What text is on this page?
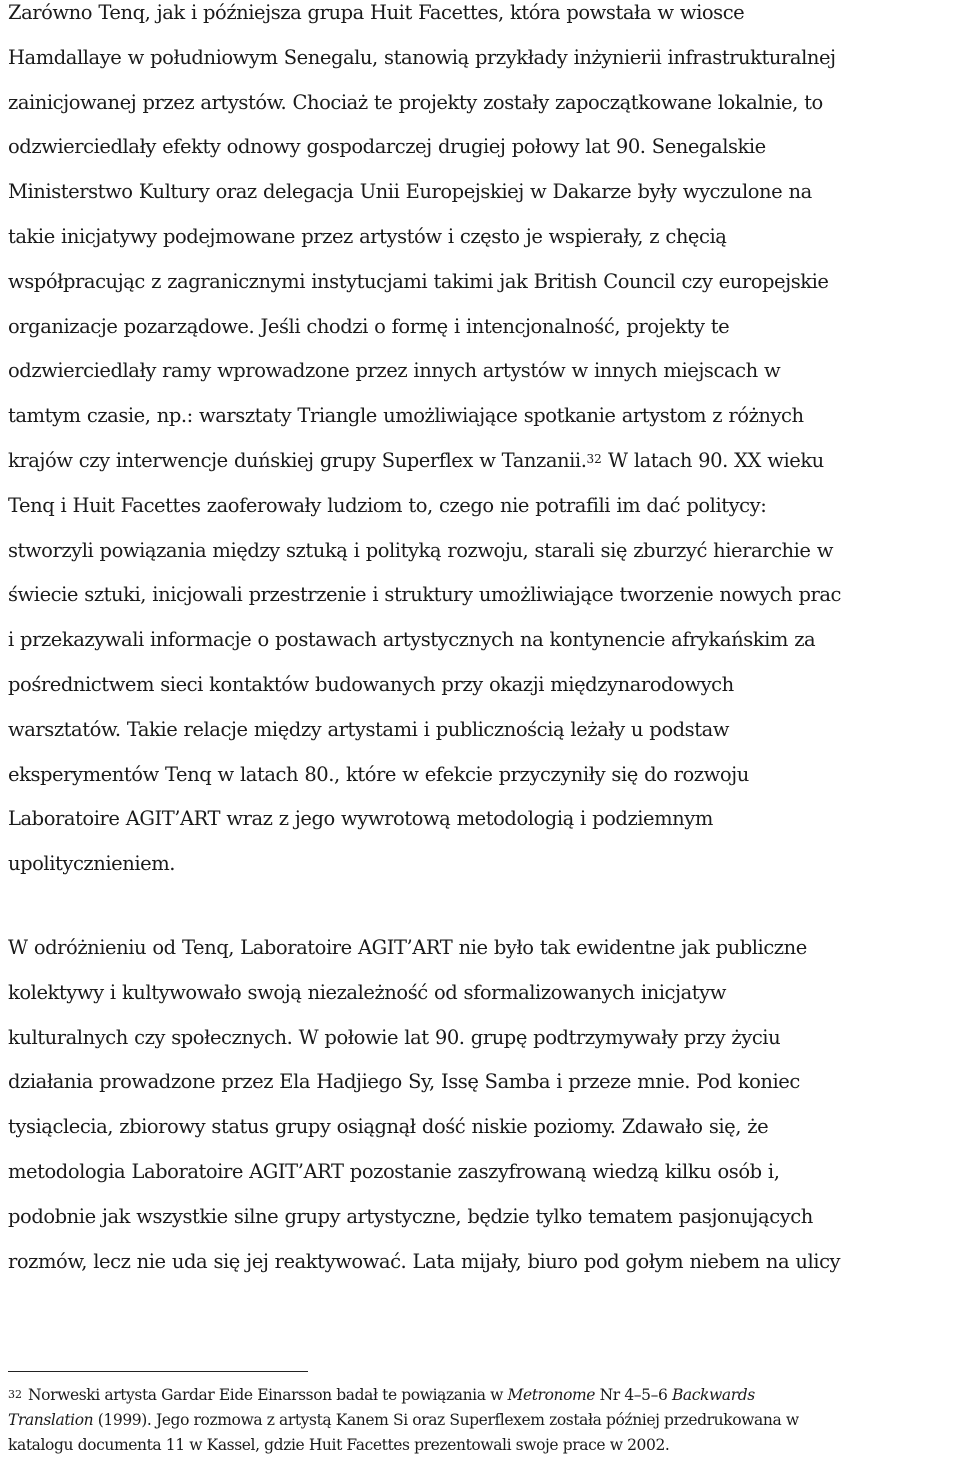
Zarówno Tenq, jak i późniejsza grupa Huit Facettes, która powstała w wiosce
Hamdallaye w południowym Senegalu, stanowią przykłady inżynierii infrastrukturalnej
zainicjowanej przez artystów. Chociaż te projekty zostały zapoczątkowane lokalnie, to
odzwierciedlały efekty odnowy gospodarczej drugiej połowy lat 90. Senegalskie
Ministerstwo Kultury oraz delegacja Unii Europejskiej w Dakarze były wyczulone na
takie inicjatywy podejmowane przez artystów i często je wspierały, z chęcią
współpracując z zagranicznymi instytucjami takimi jak British Council czy europejskie
organizacje pozarządowe. Jeśli chodzi o formę i intencjonalność, projekty te
odzwierciedlały ramy wprowadzone przez innych artystów w innych miejscach w
tamtym czasie, np.: warsztaty Triangle umożliwiające spotkanie artystom z różnych
krajów czy interwencje duńskiej grupy Superflex w Tanzanii.$^{32}$ W latach 90. XX wieku
Tenq i Huit Facettes zaoferowały ludziom to, czego nie potrafili im dać politycy:
stworzyli powiązania między sztuką i polityką rozwoju, starali się zburzyć hierarchie w
świecie sztuki, inicjowali przestrzenie i struktury umożliwiające tworzenie nowych prac
i przekazywali informacje o postawach artystycznych na kontynencie afrykańskim za
pośrednictwem sieci kontaktów budowanych przy okazji międzynarodowych
warsztatów. Takie relacje między artystami i publicznością leżały u podstaw
eksperymentów Tenq w latach 80., które w efekcie przyczyniły się do rozwoju
Laboratoire AGIT’ART wraz z jego wywrotową metodologią i podziemnym
upolitycznieniem.

W odróżnieniu od Tenq, Laboratoire AGIT’ART nie było tak ewidentne jak publiczne
kolektywy i kultywowało swoją niezależność od sformalizowanych inicjatyw
kulturalnych czy społecznych. W połowie lat 90. grupę podtrzymywały przy życiu
działania prowadzone przez Ela Hadjiego Sy, Issę Samba i przeze mnie. Pod koniec
tysiąclecia, zbiorowy status grupy osiągnął dość niskie poziomy. Zdawało się, że
metodologia Laboratoire AGIT’ART pozostanie zaszyfrowaną wiedzą kilku osób i,
podobnie jak wszystkie silne grupy artystyczne, będzie tylko tematem pasjonujących
rozmów, lecz nie uda się jej reaktywować. Lata mijały, biuro pod gołym niebem na ulicy

$^{32}$ Norweski artysta Gardar Eide Einarsson badał te powiązania w Metronome Nr 4–5–6 Backwards
Translation (1999). Jego rozmowa z artystą Kanem Si oraz Superflexem została później przedrukowana w
katalogu documenta 11 w Kassel, gdzie Huit Facettes prezentowali swoje prace w 2002.
